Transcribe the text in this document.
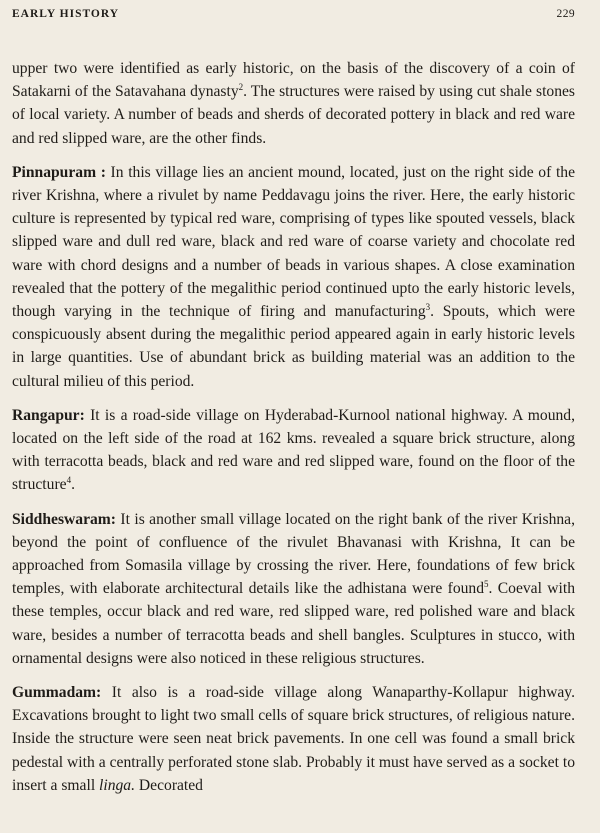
EARLY HISTORY	229

upper two were identified as early historic, on the basis of the discovery of a coin of Satakarni of the Satavahana dynasty$^2$. The structures were raised by using cut shale stones of local variety. A number of beads and sherds of decorated pottery in black and red ware and red slipped ware, are the other finds.

Pinnapuram : In this village lies an ancient mound, located, just on the right side of the river Krishna, where a rivulet by name Peddavagu joins the river. Here, the early historic culture is represented by typical red ware, comprising of types like spouted vessels, black slipped ware and dull red ware, black and red ware of coarse variety and chocolate red ware with chord designs and a number of beads in various shapes. A close examination revealed that the pottery of the megalithic period continued upto the early historic levels, though varying in the technique of firing and manufacturing$^3$. Spouts, which were conspicuously absent during the megalithic period appeared again in early historic levels in large quantities. Use of abundant brick as building material was an addition to the cultural milieu of this period.

Rangapur: It is a road-side village on Hyderabad-Kurnool national highway. A mound, located on the left side of the road at 162 kms. revealed a square brick structure, along with terracotta beads, black and red ware and red slipped ware, found on the floor of the structure$^4$.

Siddheswaram: It is another small village located on the right bank of the river Krishna, beyond the point of confluence of the rivulet Bhavanasi with Krishna, It can be approached from Somasila village by crossing the river. Here, foundations of few brick temples, with elaborate architectural details like the adhistana were found$^5$. Coeval with these temples, occur black and red ware, red slipped ware, red polished ware and black ware, besides a number of terracotta beads and shell bangles. Sculptures in stucco, with ornamental designs were also noticed in these religious structures.

Gummadam: It also is a road-side village along Wanaparthy-Kollapur highway. Excavations brought to light two small cells of square brick structures, of religious nature. Inside the structure were seen neat brick pavements. In one cell was found a small brick pedestal with a centrally perforated stone slab. Probably it must have served as a socket to insert a small linga. Decorated
